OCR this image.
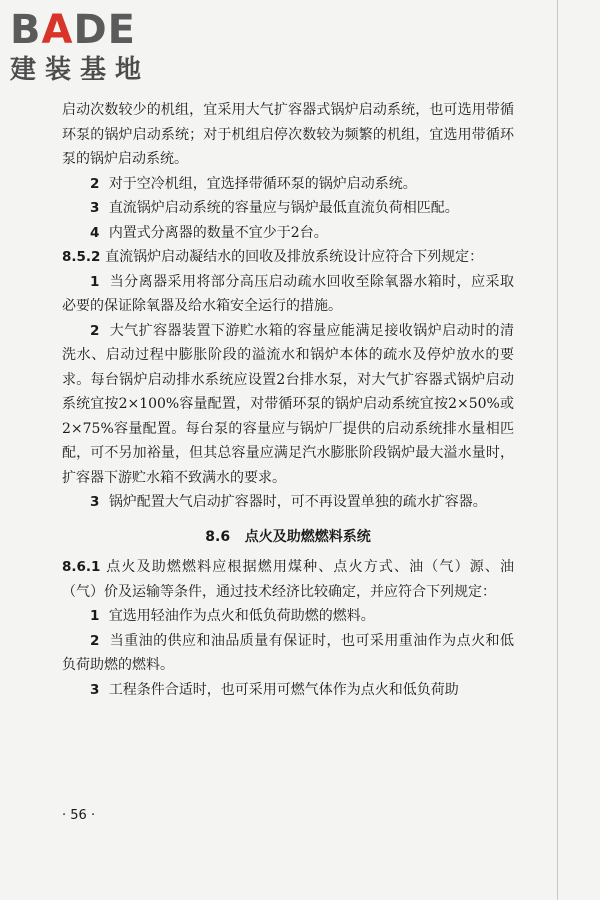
BADE
建装基地

启动次数较少的机组，宜采用大气扩容器式锅炉启动系统，也可选用带循环泵的锅炉启动系统；对于机组启停次数较为频繁的机组，宜选用带循环泵的锅炉启动系统。

2 对于空冷机组，宜选择带循环泵的锅炉启动系统。

3 直流锅炉启动系统的容量应与锅炉最低直流负荷相匹配。

4 内置式分离器的数量不宜少于2台。

8.5.2 直流锅炉启动凝结水的回收及排放系统设计应符合下列规定：

1 当分离器采用将部分高压启动疏水回收至除氧器水箱时，应采取必要的保证除氧器及给水箱安全运行的措施。

2 大气扩容器装置下游贮水箱的容量应能满足接收锅炉启动时的清洗水、启动过程中膨胀阶段的溢流水和锅炉本体的疏水及停炉放水的要求。每台锅炉启动排水系统应设置2台排水泵，对大气扩容器式锅炉启动系统宜按2×100%容量配置，对带循环泵的锅炉启动系统宜按2×50%或2×75%容量配置。每台泵的容量应与锅炉厂提供的启动系统排水量相匹配，可不另加裕量，但其总容量应满足汽水膨胀阶段锅炉最大溢水量时，扩容器下游贮水箱不致满水的要求。

3 锅炉配置大气启动扩容器时，可不再设置单独的疏水扩容器。

8.6 点火及助燃燃料系统

8.6.1 点火及助燃燃料应根据燃用煤种、点火方式、油（气）源、油（气）价及运输等条件，通过技术经济比较确定，并应符合下列规定：

1 宜选用轻油作为点火和低负荷助燃的燃料。

2 当重油的供应和油品质量有保证时，也可采用重油作为点火和低负荷助燃的燃料。

3 工程条件合适时，也可采用可燃气体作为点火和低负荷助

· 56 ·
